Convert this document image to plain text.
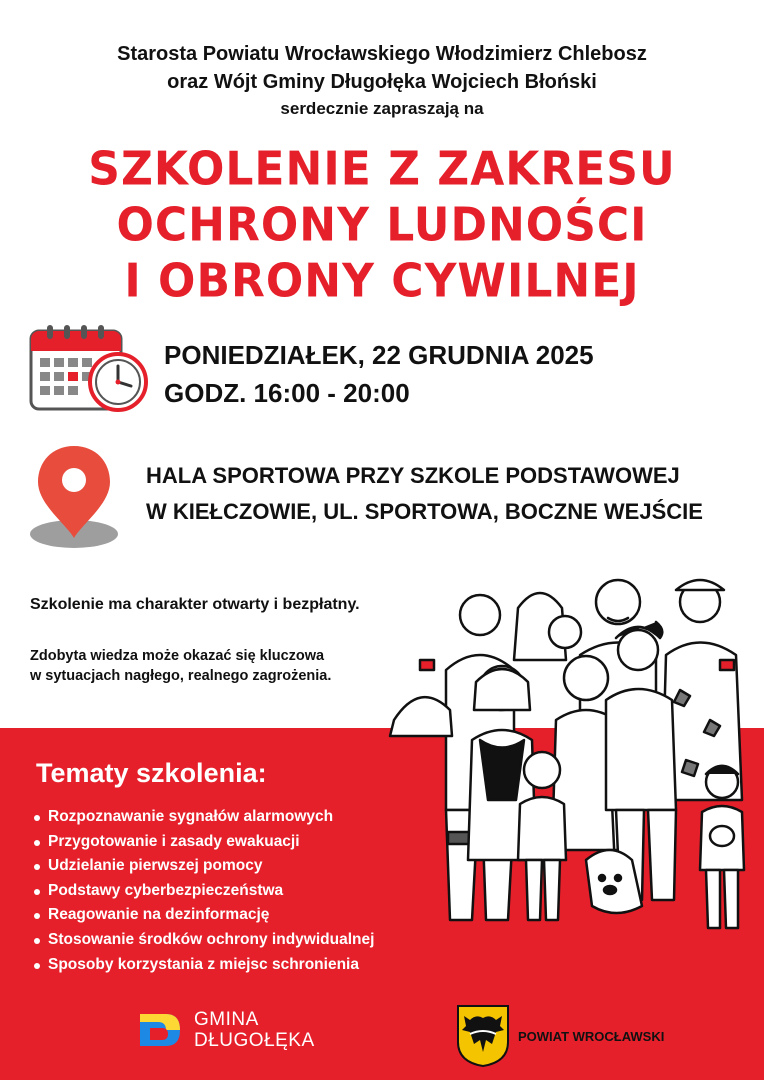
Starosta Powiatu Wrocławskiego Włodzimierz Chlebosz
oraz Wójt Gminy Długołęka Wojciech Błoński
serdecznie zapraszają na
SZKOLENIE Z ZAKRESU
OCHRONY LUDNOŚCI
I OBRONY CYWILNEJ
PONIEDZIAŁEK, 22 GRUDNIA 2025
GODZ. 16:00 - 20:00
HALA SPORTOWA PRZY SZKOLE PODSTAWOWEJ
W KIEŁCZOWIE, UL. SPORTOWA, BOCZNE WEJŚCIE
Szkolenie ma charakter otwarty i bezpłatny.
Zdobyta wiedza może okazać się kluczowa
w sytuacjach nagłego, realnego zagrożenia.
Tematy szkolenia:
Rozpoznawanie sygnałów alarmowych
Przygotowanie i zasady ewakuacji
Udzielanie pierwszej pomocy
Podstawy cyberbezpieczeństwa
Reagowanie na dezinformację
Stosowanie środków ochrony indywidualnej
Sposoby korzystania z miejsc schronienia
GMINA
DŁUGOŁĘKA	POWIAT WROCŁAWSKI
